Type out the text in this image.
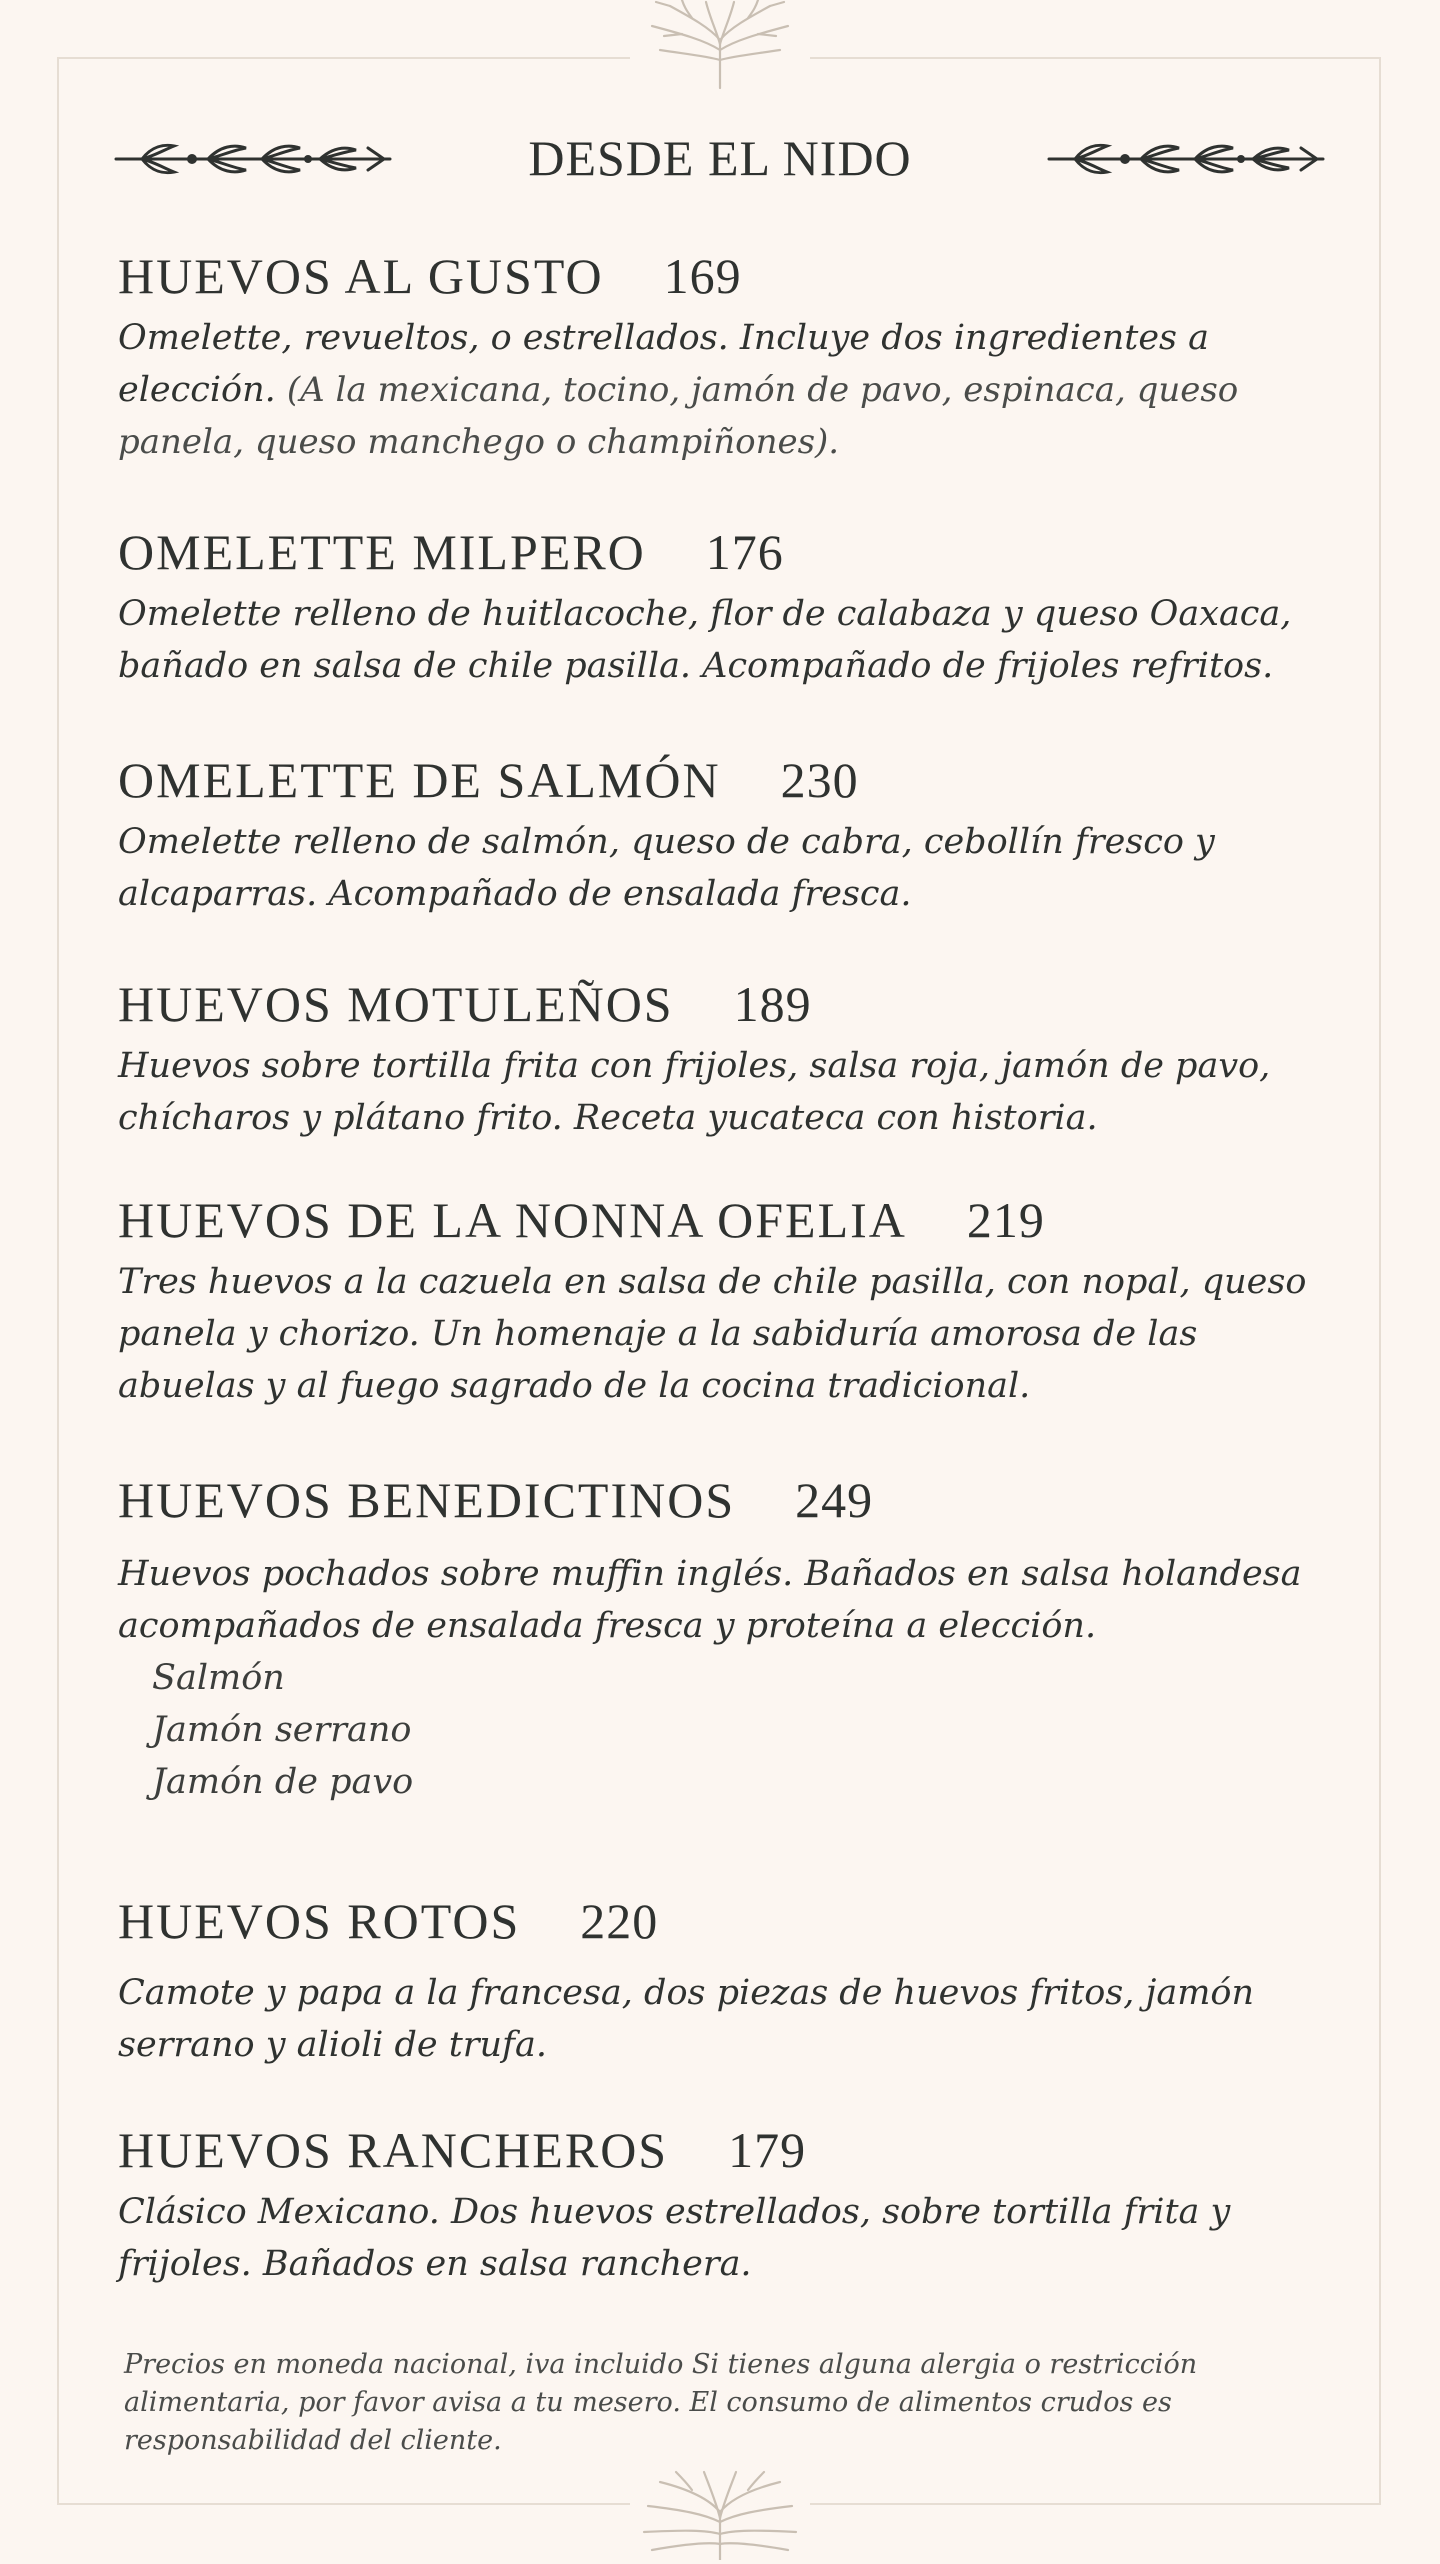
DESDE EL NIDO
HUEVOS AL GUSTO 169

Omelette, revueltos, o estrellados. Incluye dos ingredientes a elección. (A la mexicana, tocino, jamón de pavo, espinaca, queso panela, queso manchego o champiñones).

OMELETTE MILPERO 176

Omelette relleno de huitlacoche, flor de calabaza y queso Oaxaca, bañado en salsa de chile pasilla. Acompañado de frijoles refritos.

OMELETTE DE SALMÓN 230

Omelette relleno de salmón, queso de cabra, cebollín fresco y alcaparras. Acompañado de ensalada fresca.

HUEVOS MOTULEÑOS 189

Huevos sobre tortilla frita con frijoles, salsa roja, jamón de pavo, chícharos y plátano frito. Receta yucateca con historia.

HUEVOS DE LA NONNA OFELIA 219

Tres huevos a la cazuela en salsa de chile pasilla, con nopal, queso panela y chorizo. Un homenaje a la sabiduría amorosa de las abuelas y al fuego sagrado de la cocina tradicional.

HUEVOS BENEDICTINOS 249

Huevos pochados sobre muffin inglés. Bañados en salsa holandesa acompañados de ensalada fresca y proteína a elección.

Salmón
Jamón serrano
Jamón de pavo
HUEVOS ROTOS 220

Camote y papa a la francesa, dos piezas de huevos fritos, jamón serrano y alioli de trufa.

HUEVOS RANCHEROS 179

Clásico Mexicano. Dos huevos estrellados, sobre tortilla frita y frijoles. Bañados en salsa ranchera.

Precios en moneda nacional, iva incluido Si tienes alguna alergia o restricción alimentaria, por favor avisa a tu mesero. El consumo de alimentos crudos es responsabilidad del cliente.
